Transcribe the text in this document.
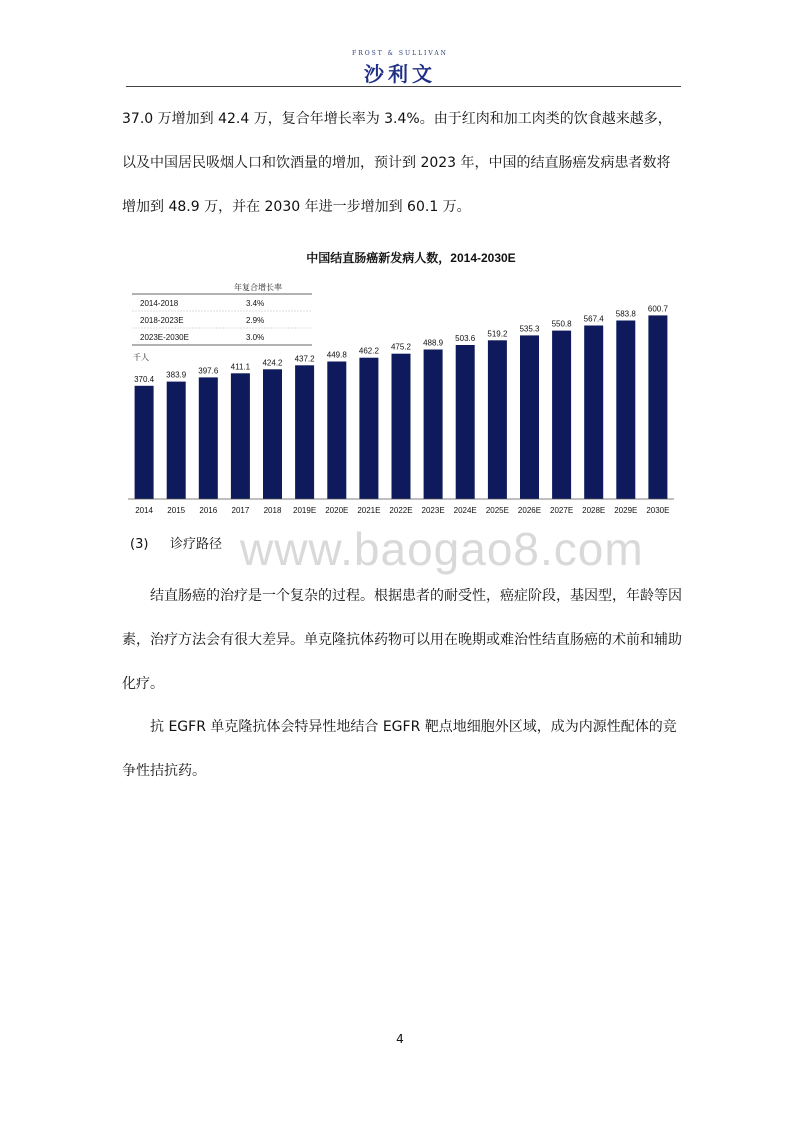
FROST & SULLIVAN
沙利文

37.0 万增加到 42.4 万，复合年增长率为 3.4%。由于红肉和加工肉类的饮食越来越多，以及中国居民吸烟人口和饮酒量的增加，预计到 2023 年，中国的结直肠癌发病患者数将增加到 48.9 万，并在 2030 年进一步增加到 60.1 万。

中国结直肠癌新发病人数，2014-2030E
年复合增长率
2014-2018	3.4%
2018-2023E	2.9%
2023E-2030E	3.0%
千人
370.4 383.9 397.6 411.1 424.2 437.2 449.8 462.2 475.2 488.9 503.6
519.2
535.3
550.8
567.4
583.8
600.7
2014 2015 2016 2017 2018 2019E 2020E 2021E 2022E 2023E 2024E 2025E 2026E 2027E 2028E 2029E 2030E
www.baogao8.com
(3) 诊疗路径

结直肠癌的治疗是一个复杂的过程。根据患者的耐受性，癌症阶段，基因型，年龄等因素，治疗方法会有很大差异。单克隆抗体药物可以用在晚期或难治性结直肠癌的术前和辅助化疗。

抗 EGFR 单克隆抗体会特异性地结合 EGFR 靶点地细胞外区域，成为内源性配体的竞争性拮抗药。

4
